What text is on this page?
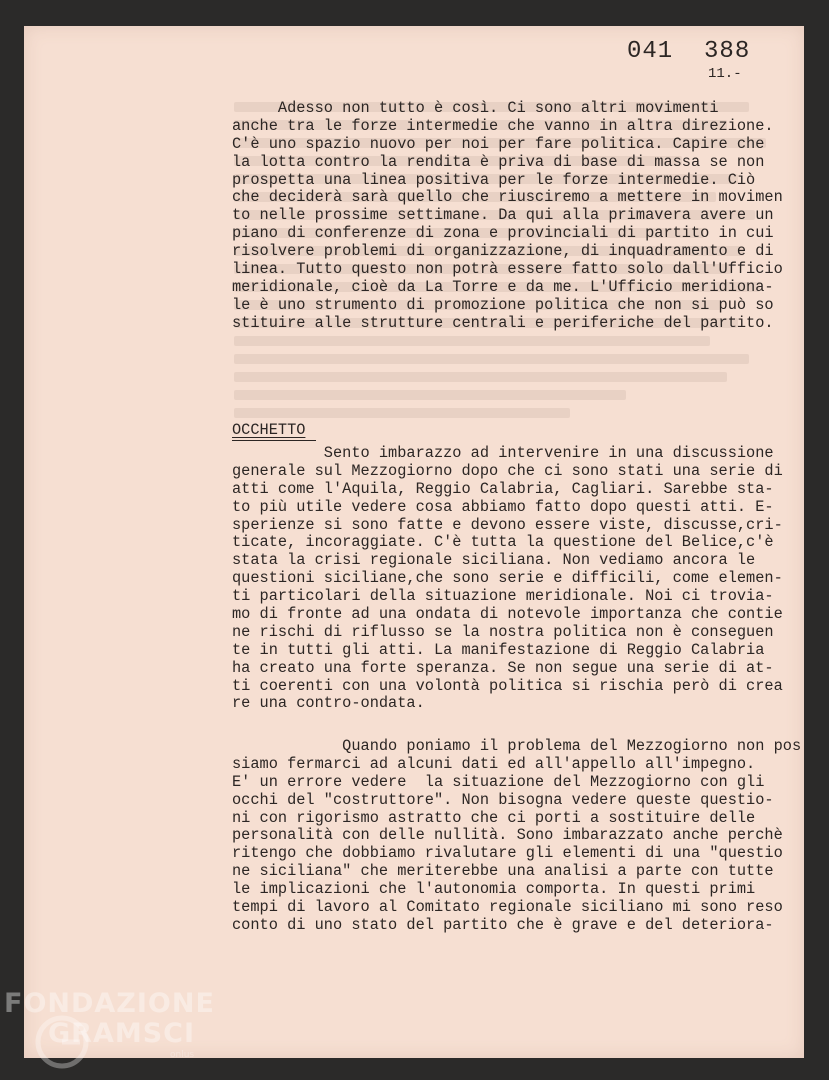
041  388
11.-
Adesso non tutto è così. Ci sono altri movimenti
anche tra le forze intermedie che vanno in altra direzione.
C'è uno spazio nuovo per noi per fare politica. Capire che
la lotta contro la rendita è priva di base di massa se non
prospetta una linea positiva per le forze intermedie. Ciò
che deciderà sarà quello che riusciremo a mettere in movimen
to nelle prossime settimane. Da qui alla primavera avere un
piano di conferenze di zona e provinciali di partito in cui
risolvere problemi di organizzazione, di inquadramento e di
linea. Tutto questo non potrà essere fatto solo dall'Ufficio
meridionale, cioè da La Torre e da me. L'Ufficio meridiona-
le è uno strumento di promozione politica che non si può so
stituire alle strutture centrali e periferiche del partito.
OCCHETTO
Sento imbarazzo ad intervenire in una discussione
generale sul Mezzogiorno dopo che ci sono stati una serie di
atti come l'Aquila, Reggio Calabria, Cagliari. Sarebbe sta-
to più utile vedere cosa abbiamo fatto dopo questi atti. E-
sperienze si sono fatte e devono essere viste, discusse,cri-
ticate, incoraggiate. C'è tutta la questione del Belice,c'è
stata la crisi regionale siciliana. Non vediamo ancora le
questioni siciliane,che sono serie e difficili, come elemen-
ti particolari della situazione meridionale. Noi ci trovia-
mo di fronte ad una ondata di notevole importanza che contie
ne rischi di riflusso se la nostra politica non è conseguen
te in tutti gli atti. La manifestazione di Reggio Calabria
ha creato una forte speranza. Se non segue una serie di at-
ti coerenti con una volontà politica si rischia però di crea
re una contro-ondata.
Quando poniamo il problema del Mezzogiorno non pos
siamo fermarci ad alcuni dati ed all'appello all'impegno.
E' un errore vedere  la situazione del Mezzogiorno con gli
occhi del "costruttore". Non bisogna vedere queste questio-
ni con rigorismo astratto che ci porti a sostituire delle
personalità con delle nullità. Sono imbarazzato anche perchè
ritengo che dobbiamo rivalutare gli elementi di una "questio
ne siciliana" che meriterebbe una analisi a parte con tutte
le implicazioni che l'autonomia comporta. In questi primi
tempi di lavoro al Comitato regionale siciliano mi sono reso
conto di uno stato del partito che è grave e del deteriora-
FONDAZIONE
GRAMSCI
onlus
